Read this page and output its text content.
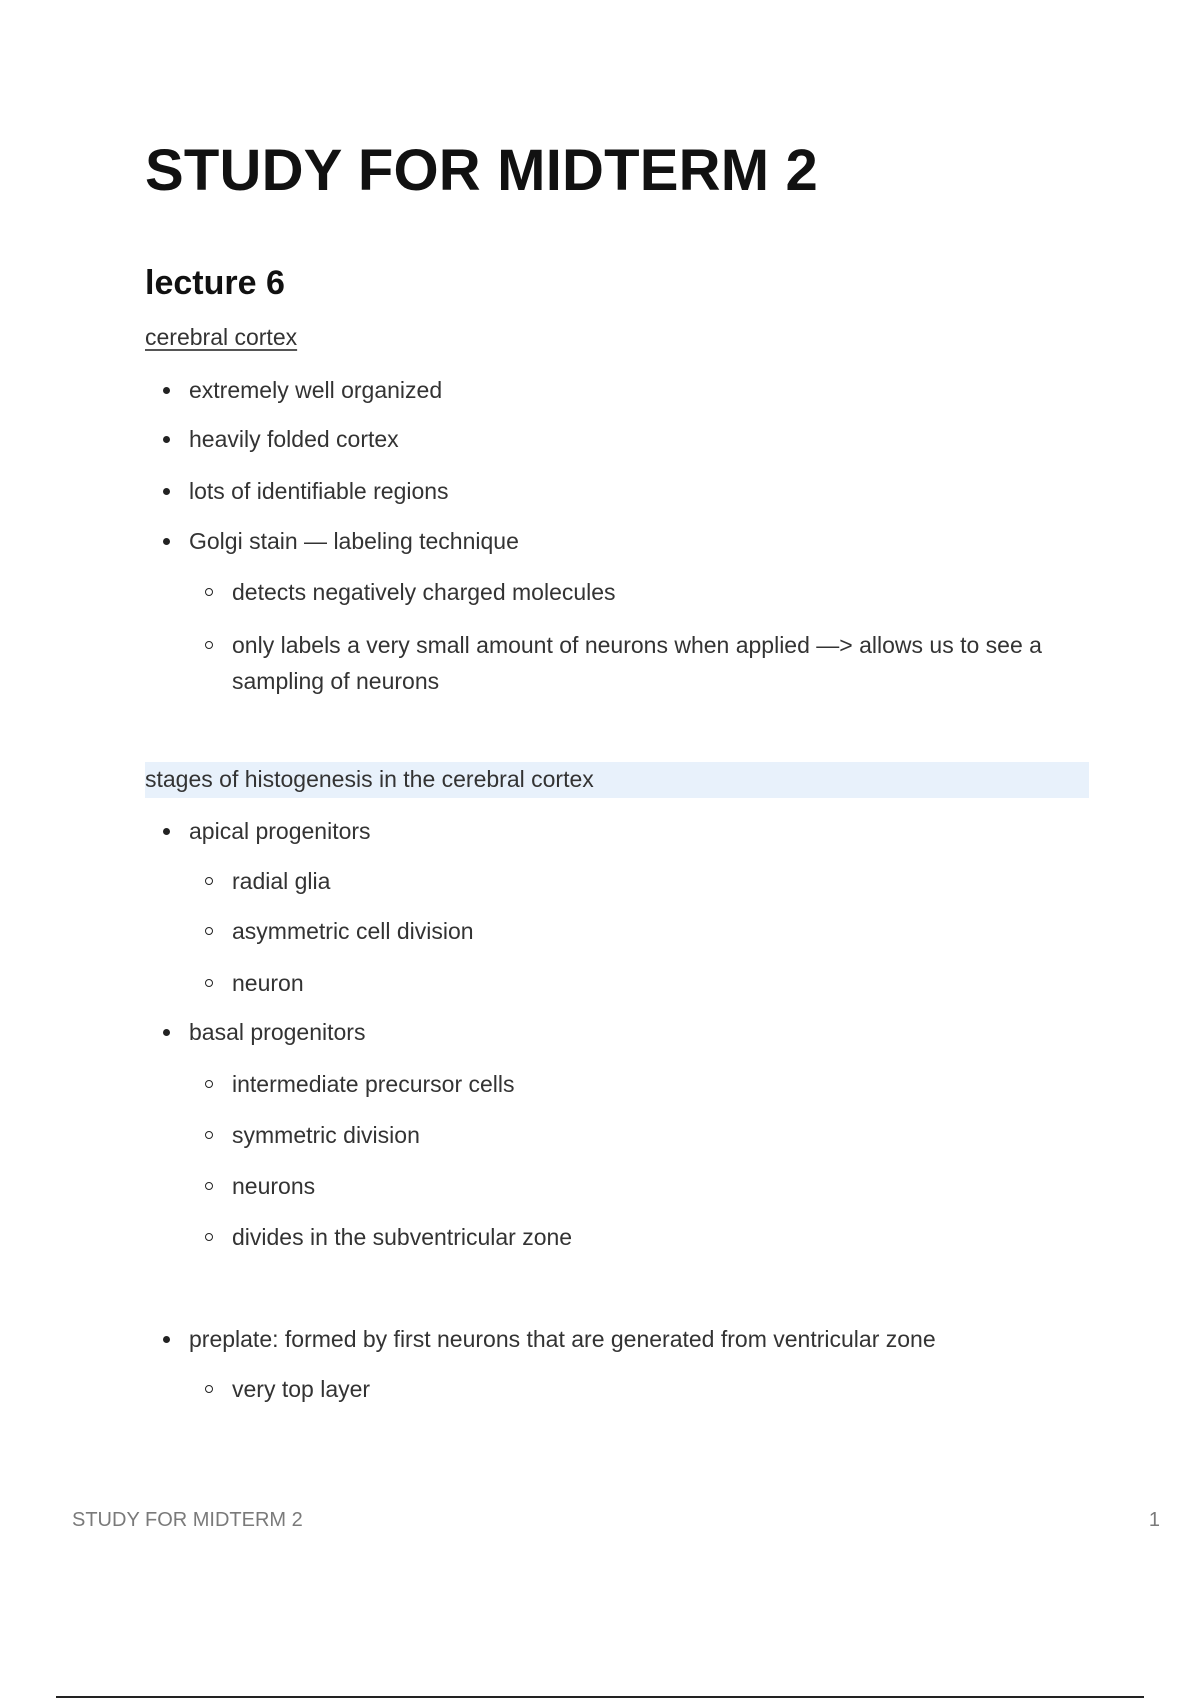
STUDY FOR MIDTERM 2
lecture 6
cerebral cortex
extremely well organized
heavily folded cortex
lots of identifiable regions
Golgi stain — labeling technique
detects negatively charged molecules
only labels a very small amount of neurons when applied —> allows us to see a sampling of neurons
stages of histogenesis in the cerebral cortex
apical progenitors
radial glia
asymmetric cell division
neuron
basal progenitors
intermediate precursor cells
symmetric division
neurons
divides in the subventricular zone
preplate: formed by first neurons that are generated from ventricular zone
very top layer
STUDY FOR MIDTERM 2	1
